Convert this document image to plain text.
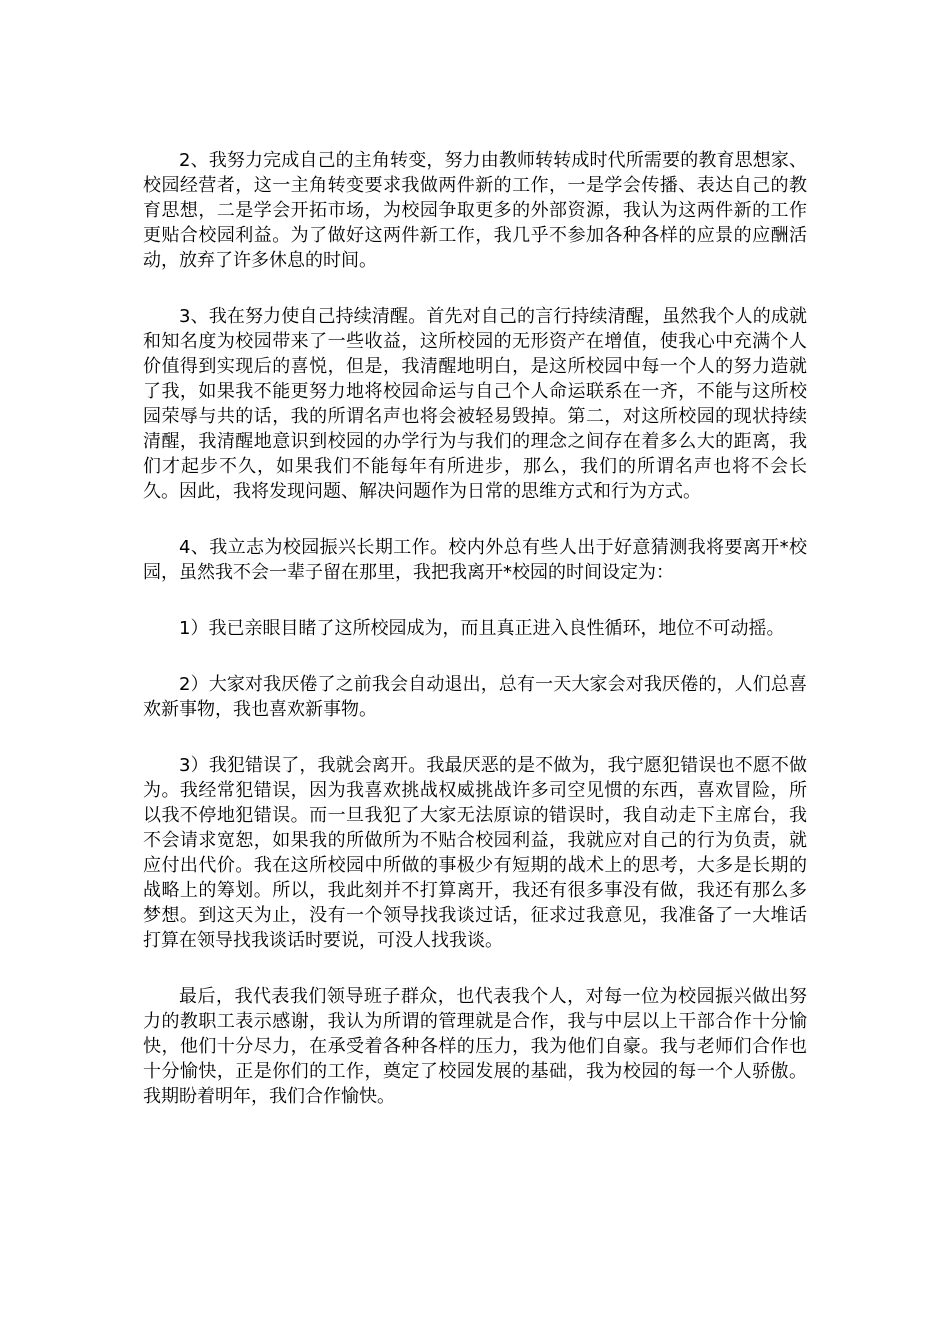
2、我努力完成自己的主角转变，努力由教师转转成时代所需要的教育思想家、校园经营者，这一主角转变要求我做两件新的工作，一是学会传播、表达自己的教育思想，二是学会开拓市场，为校园争取更多的外部资源，我认为这两件新的工作更贴合校园利益。为了做好这两件新工作，我几乎不参加各种各样的应景的应酬活动，放弃了许多休息的时间。

3、我在努力使自己持续清醒。首先对自己的言行持续清醒，虽然我个人的成就和知名度为校园带来了一些收益，这所校园的无形资产在增值，使我心中充满个人价值得到实现后的喜悦，但是，我清醒地明白，是这所校园中每一个人的努力造就了我，如果我不能更努力地将校园命运与自己个人命运联系在一齐，不能与这所校园荣辱与共的话，我的所谓名声也将会被轻易毁掉。第二，对这所校园的现状持续清醒，我清醒地意识到校园的办学行为与我们的理念之间存在着多么大的距离，我们才起步不久，如果我们不能每年有所进步，那么，我们的所谓名声也将不会长久。因此，我将发现问题、解决问题作为日常的思维方式和行为方式。

4、我立志为校园振兴长期工作。校内外总有些人出于好意猜测我将要离开*校园，虽然我不会一辈子留在那里，我把我离开*校园的时间设定为：

1）我已亲眼目睹了这所校园成为，而且真正进入良性循环，地位不可动摇。

2）大家对我厌倦了之前我会自动退出，总有一天大家会对我厌倦的，人们总喜欢新事物，我也喜欢新事物。

3）我犯错误了，我就会离开。我最厌恶的是不做为，我宁愿犯错误也不愿不做为。我经常犯错误，因为我喜欢挑战权威挑战许多司空见惯的东西，喜欢冒险，所以我不停地犯错误。而一旦我犯了大家无法原谅的错误时，我自动走下主席台，我不会请求宽恕，如果我的所做所为不贴合校园利益，我就应对自己的行为负责，就应付出代价。我在这所校园中所做的事极少有短期的战术上的思考，大多是长期的战略上的筹划。所以，我此刻并不打算离开，我还有很多事没有做，我还有那么多梦想。到这天为止，没有一个领导找我谈过话，征求过我意见，我准备了一大堆话打算在领导找我谈话时要说，可没人找我谈。

最后，我代表我们领导班子群众，也代表我个人，对每一位为校园振兴做出努力的教职工表示感谢，我认为所谓的管理就是合作，我与中层以上干部合作十分愉快，他们十分尽力，在承受着各种各样的压力，我为他们自豪。我与老师们合作也十分愉快，正是你们的工作，奠定了校园发展的基础，我为校园的每一个人骄傲。我期盼着明年，我们合作愉快。
